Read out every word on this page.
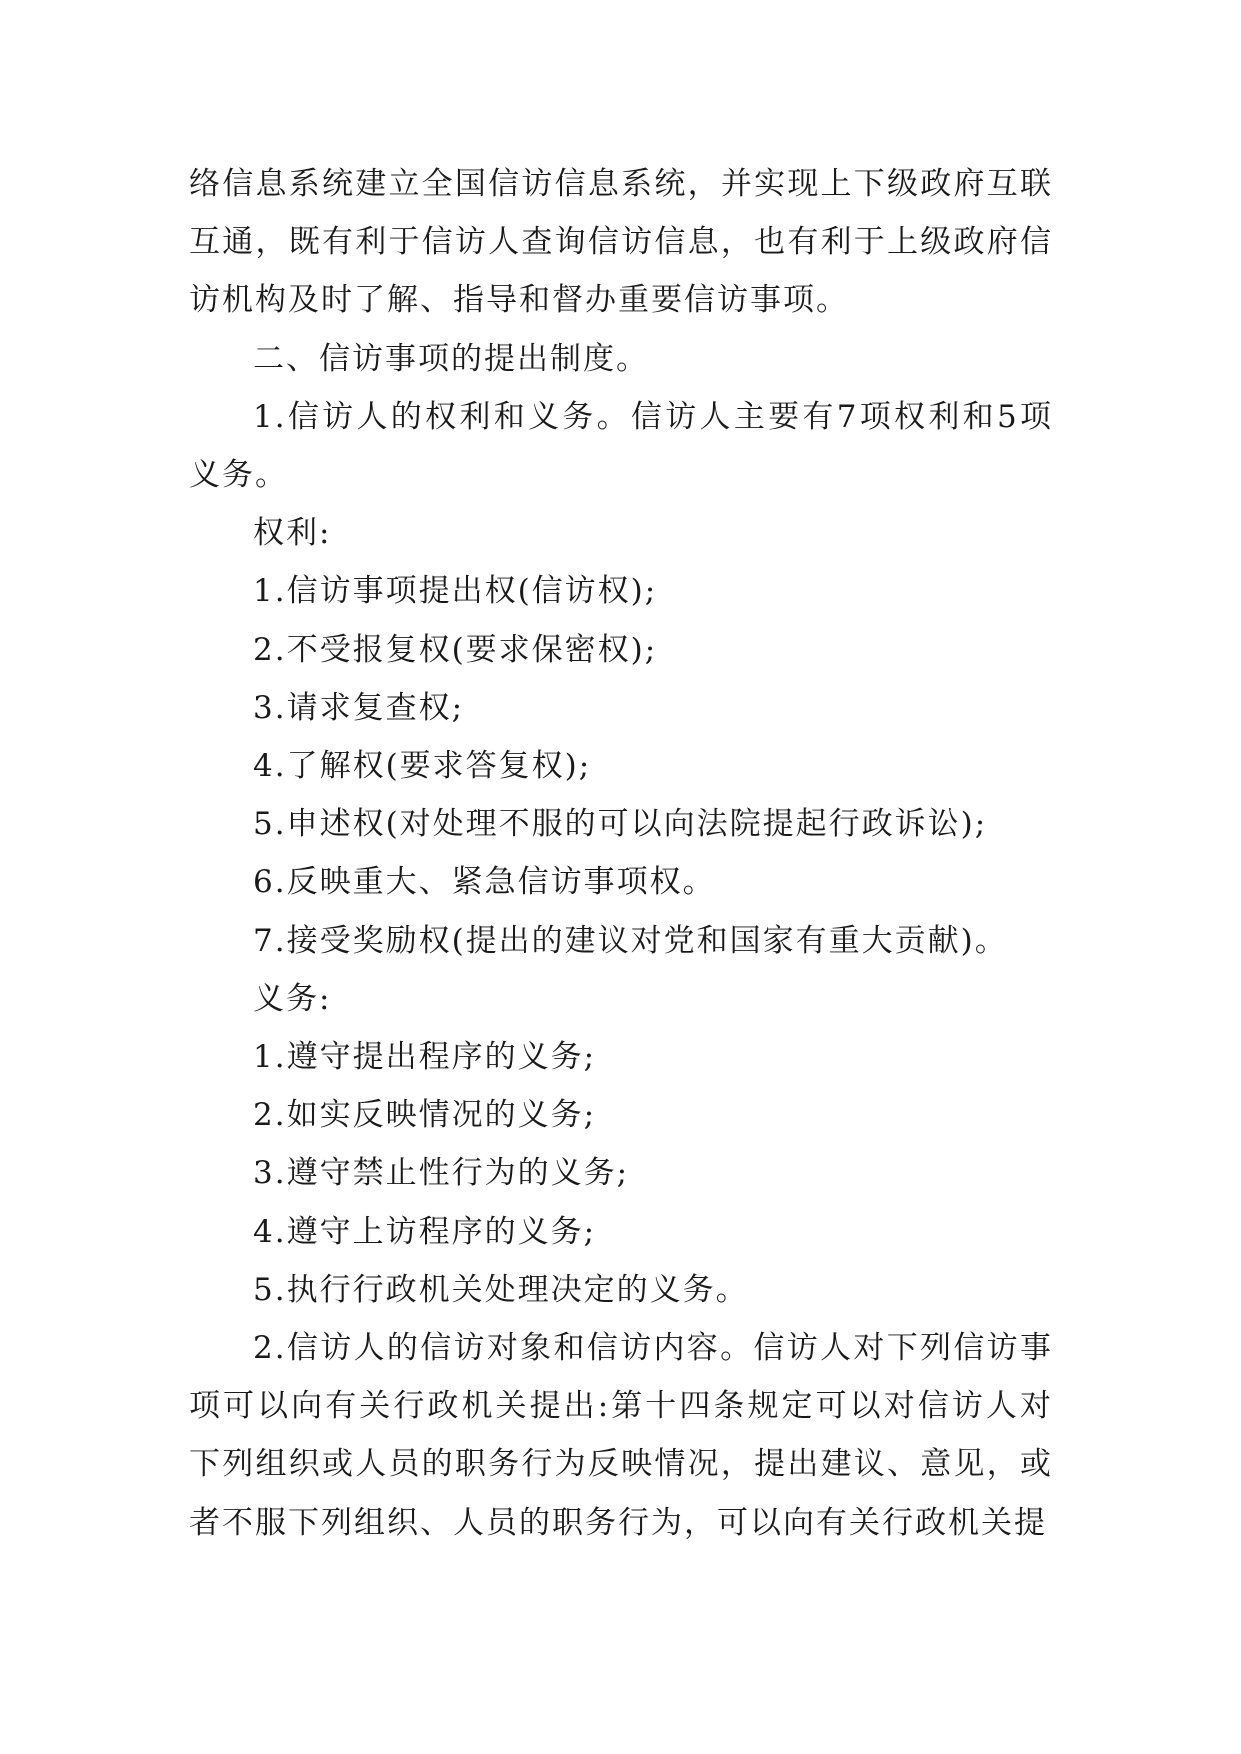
络信息系统建立全国信访信息系统，并实现上下级政府互联互通，既有利于信访人查询信访信息，也有利于上级政府信访机构及时了解、指导和督办重要信访事项。

二、信访事项的提出制度。

1.信访人的权利和义务。信访人主要有7项权利和5项义务。

权利:

1.信访事项提出权(信访权);

2.不受报复权(要求保密权);

3.请求复查权;

4.了解权(要求答复权);

5.申述权(对处理不服的可以向法院提起行政诉讼);

6.反映重大、紧急信访事项权。

7.接受奖励权(提出的建议对党和国家有重大贡献)。

义务:

1.遵守提出程序的义务;

2.如实反映情况的义务;

3.遵守禁止性行为的义务;

4.遵守上访程序的义务;

5.执行行政机关处理决定的义务。

2.信访人的信访对象和信访内容。信访人对下列信访事项可以向有关行政机关提出:第十四条规定可以对信访人对下列组织或人员的职务行为反映情况，提出建议、意见，或者不服下列组织、人员的职务行为，可以向有关行政机关提
